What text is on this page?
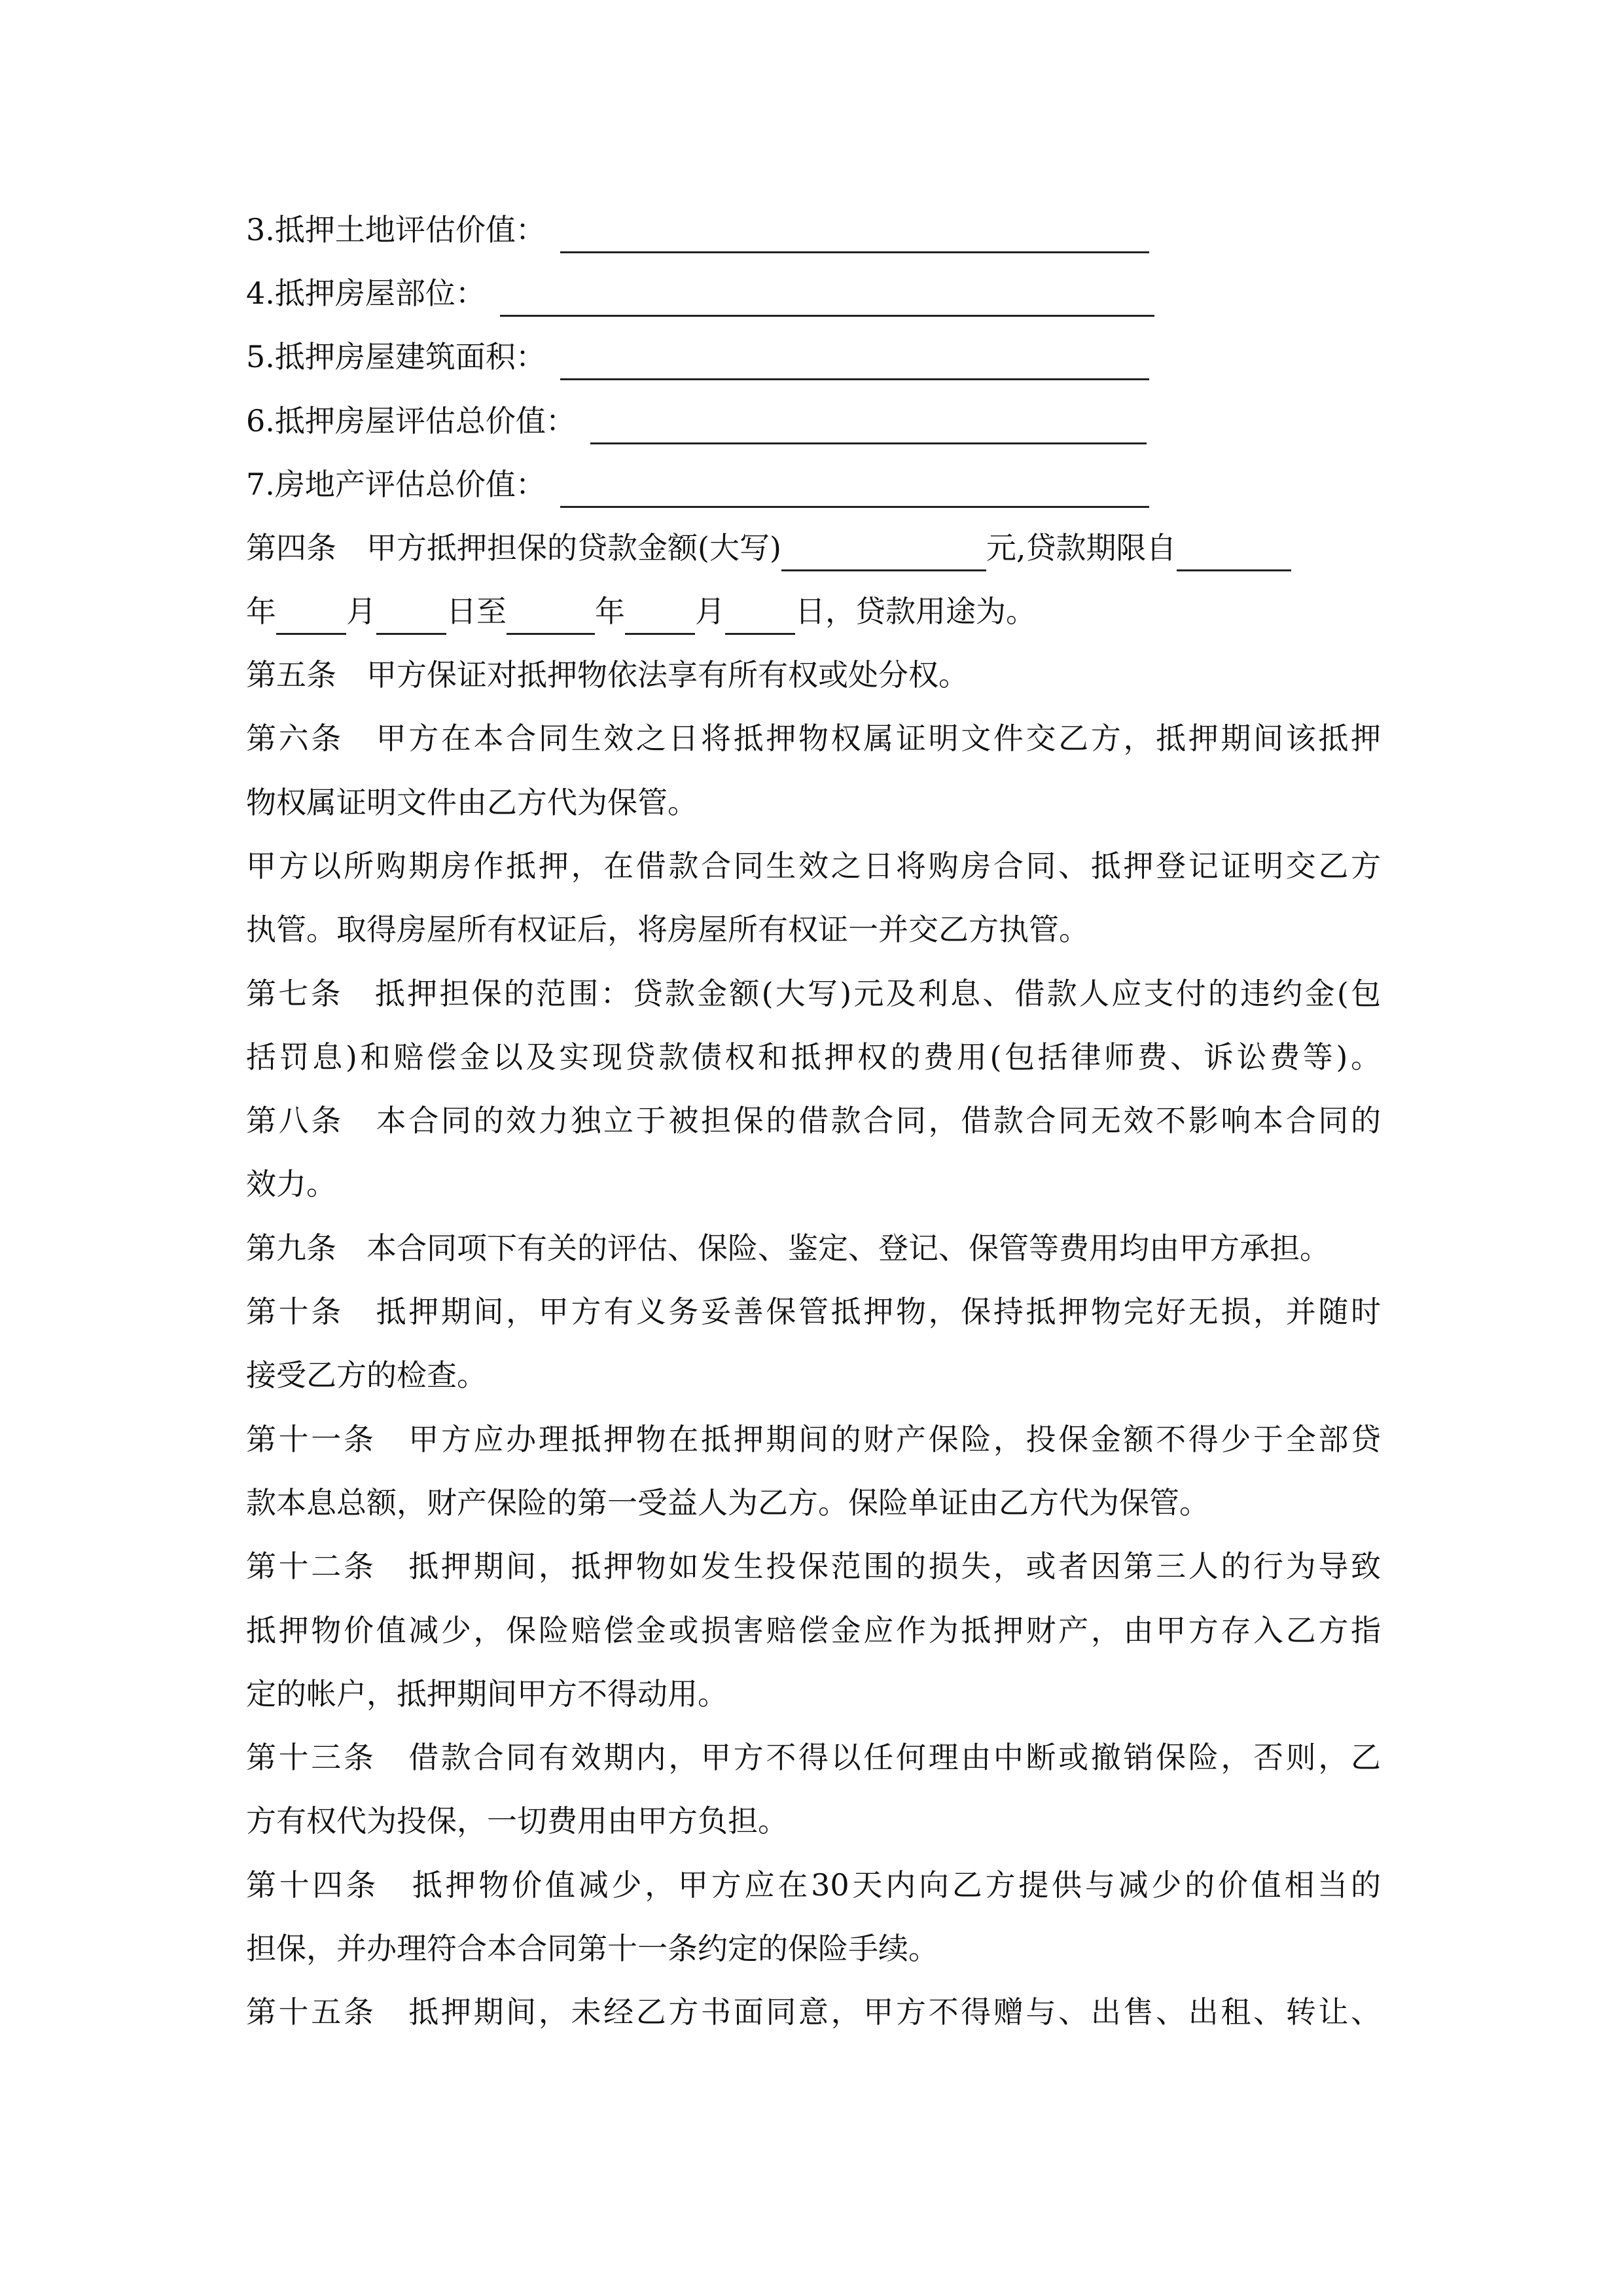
3.抵押土地评估价值：
4.抵押房屋部位：
5.抵押房屋建筑面积：
6.抵押房屋评估总价值：
7.房地产评估总价值：
第四条 甲方抵押担保的贷款金额(大写)	元,贷款期限自
年 月 日至	年 月 日，贷款用途为。
第五条　甲方保证对抵押物依法享有所有权或处分权。
第六条　甲方在本合同生效之日将抵押物权属证明文件交乙方，抵押期间该抵押
物权属证明文件由乙方代为保管。
甲方以所购期房作抵押，在借款合同生效之日将购房合同、抵押登记证明交乙方
执管。取得房屋所有权证后，将房屋所有权证一并交乙方执管。
第七条　抵押担保的范围：贷款金额(大写)元及利息、借款人应支付的违约金(包
括罚息)和赔偿金以及实现贷款债权和抵押权的费用(包括律师费、诉讼费等)。
第八条　本合同的效力独立于被担保的借款合同，借款合同无效不影响本合同的
效力。
第九条　本合同项下有关的评估、保险、鉴定、登记、保管等费用均由甲方承担。
第十条　抵押期间，甲方有义务妥善保管抵押物，保持抵押物完好无损，并随时
接受乙方的检查。
第十一条　甲方应办理抵押物在抵押期间的财产保险，投保金额不得少于全部贷
款本息总额，财产保险的第一受益人为乙方。保险单证由乙方代为保管。
第十二条　抵押期间，抵押物如发生投保范围的损失，或者因第三人的行为导致
抵押物价值减少，保险赔偿金或损害赔偿金应作为抵押财产，由甲方存入乙方指
定的帐户，抵押期间甲方不得动用。
第十三条　借款合同有效期内，甲方不得以任何理由中断或撤销保险，否则，乙
方有权代为投保，一切费用由甲方负担。
第十四条　抵押物价值减少，甲方应在30天内向乙方提供与减少的价值相当的
担保，并办理符合本合同第十一条约定的保险手续。
第十五条　抵押期间，未经乙方书面同意，甲方不得赠与、出售、出租、转让、
